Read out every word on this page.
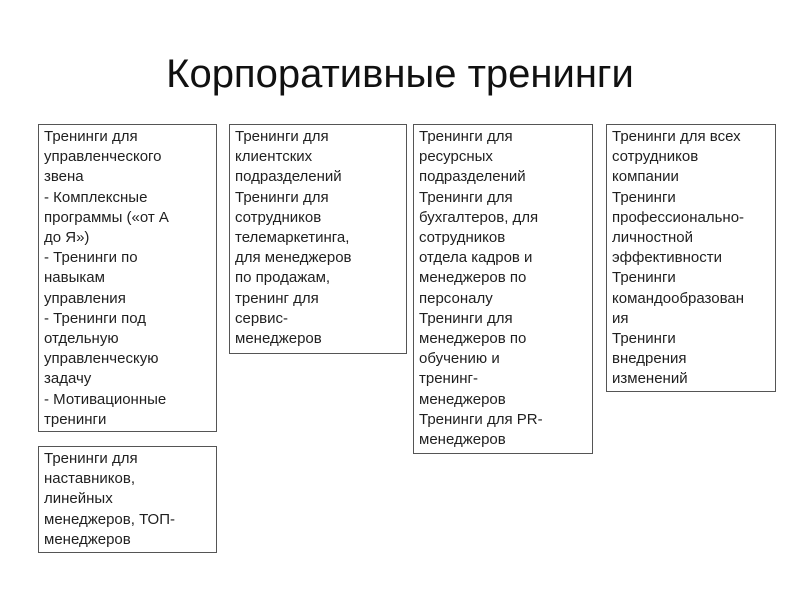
Корпоративные тренинги
Тренинги для
управленческого
звена
- Комплексные
программы («от А
до Я»)
- Тренинги по
навыкам
управления
- Тренинги под
отдельную
управленческую
задачу
- Мотивационные
тренинги
Тренинги для
клиентских
подразделений
Тренинги для
сотрудников
телемаркетинга,
для менеджеров
по продажам,
тренинг для
сервис-
менеджеров
Тренинги для
ресурсных
подразделений
Тренинги для
бухгалтеров, для
сотрудников
отдела кадров и
менеджеров по
персоналу
Тренинги для
менеджеров по
обучению и
тренинг-
менеджеров
Тренинги для PR-
менеджеров
Тренинги для всех
сотрудников
компании
Тренинги
профессионально-
личностной
эффективности
Тренинги
командообразован
ия
Тренинги
внедрения
изменений
Тренинги для
наставников,
линейных
менеджеров, ТОП-
менеджеров
